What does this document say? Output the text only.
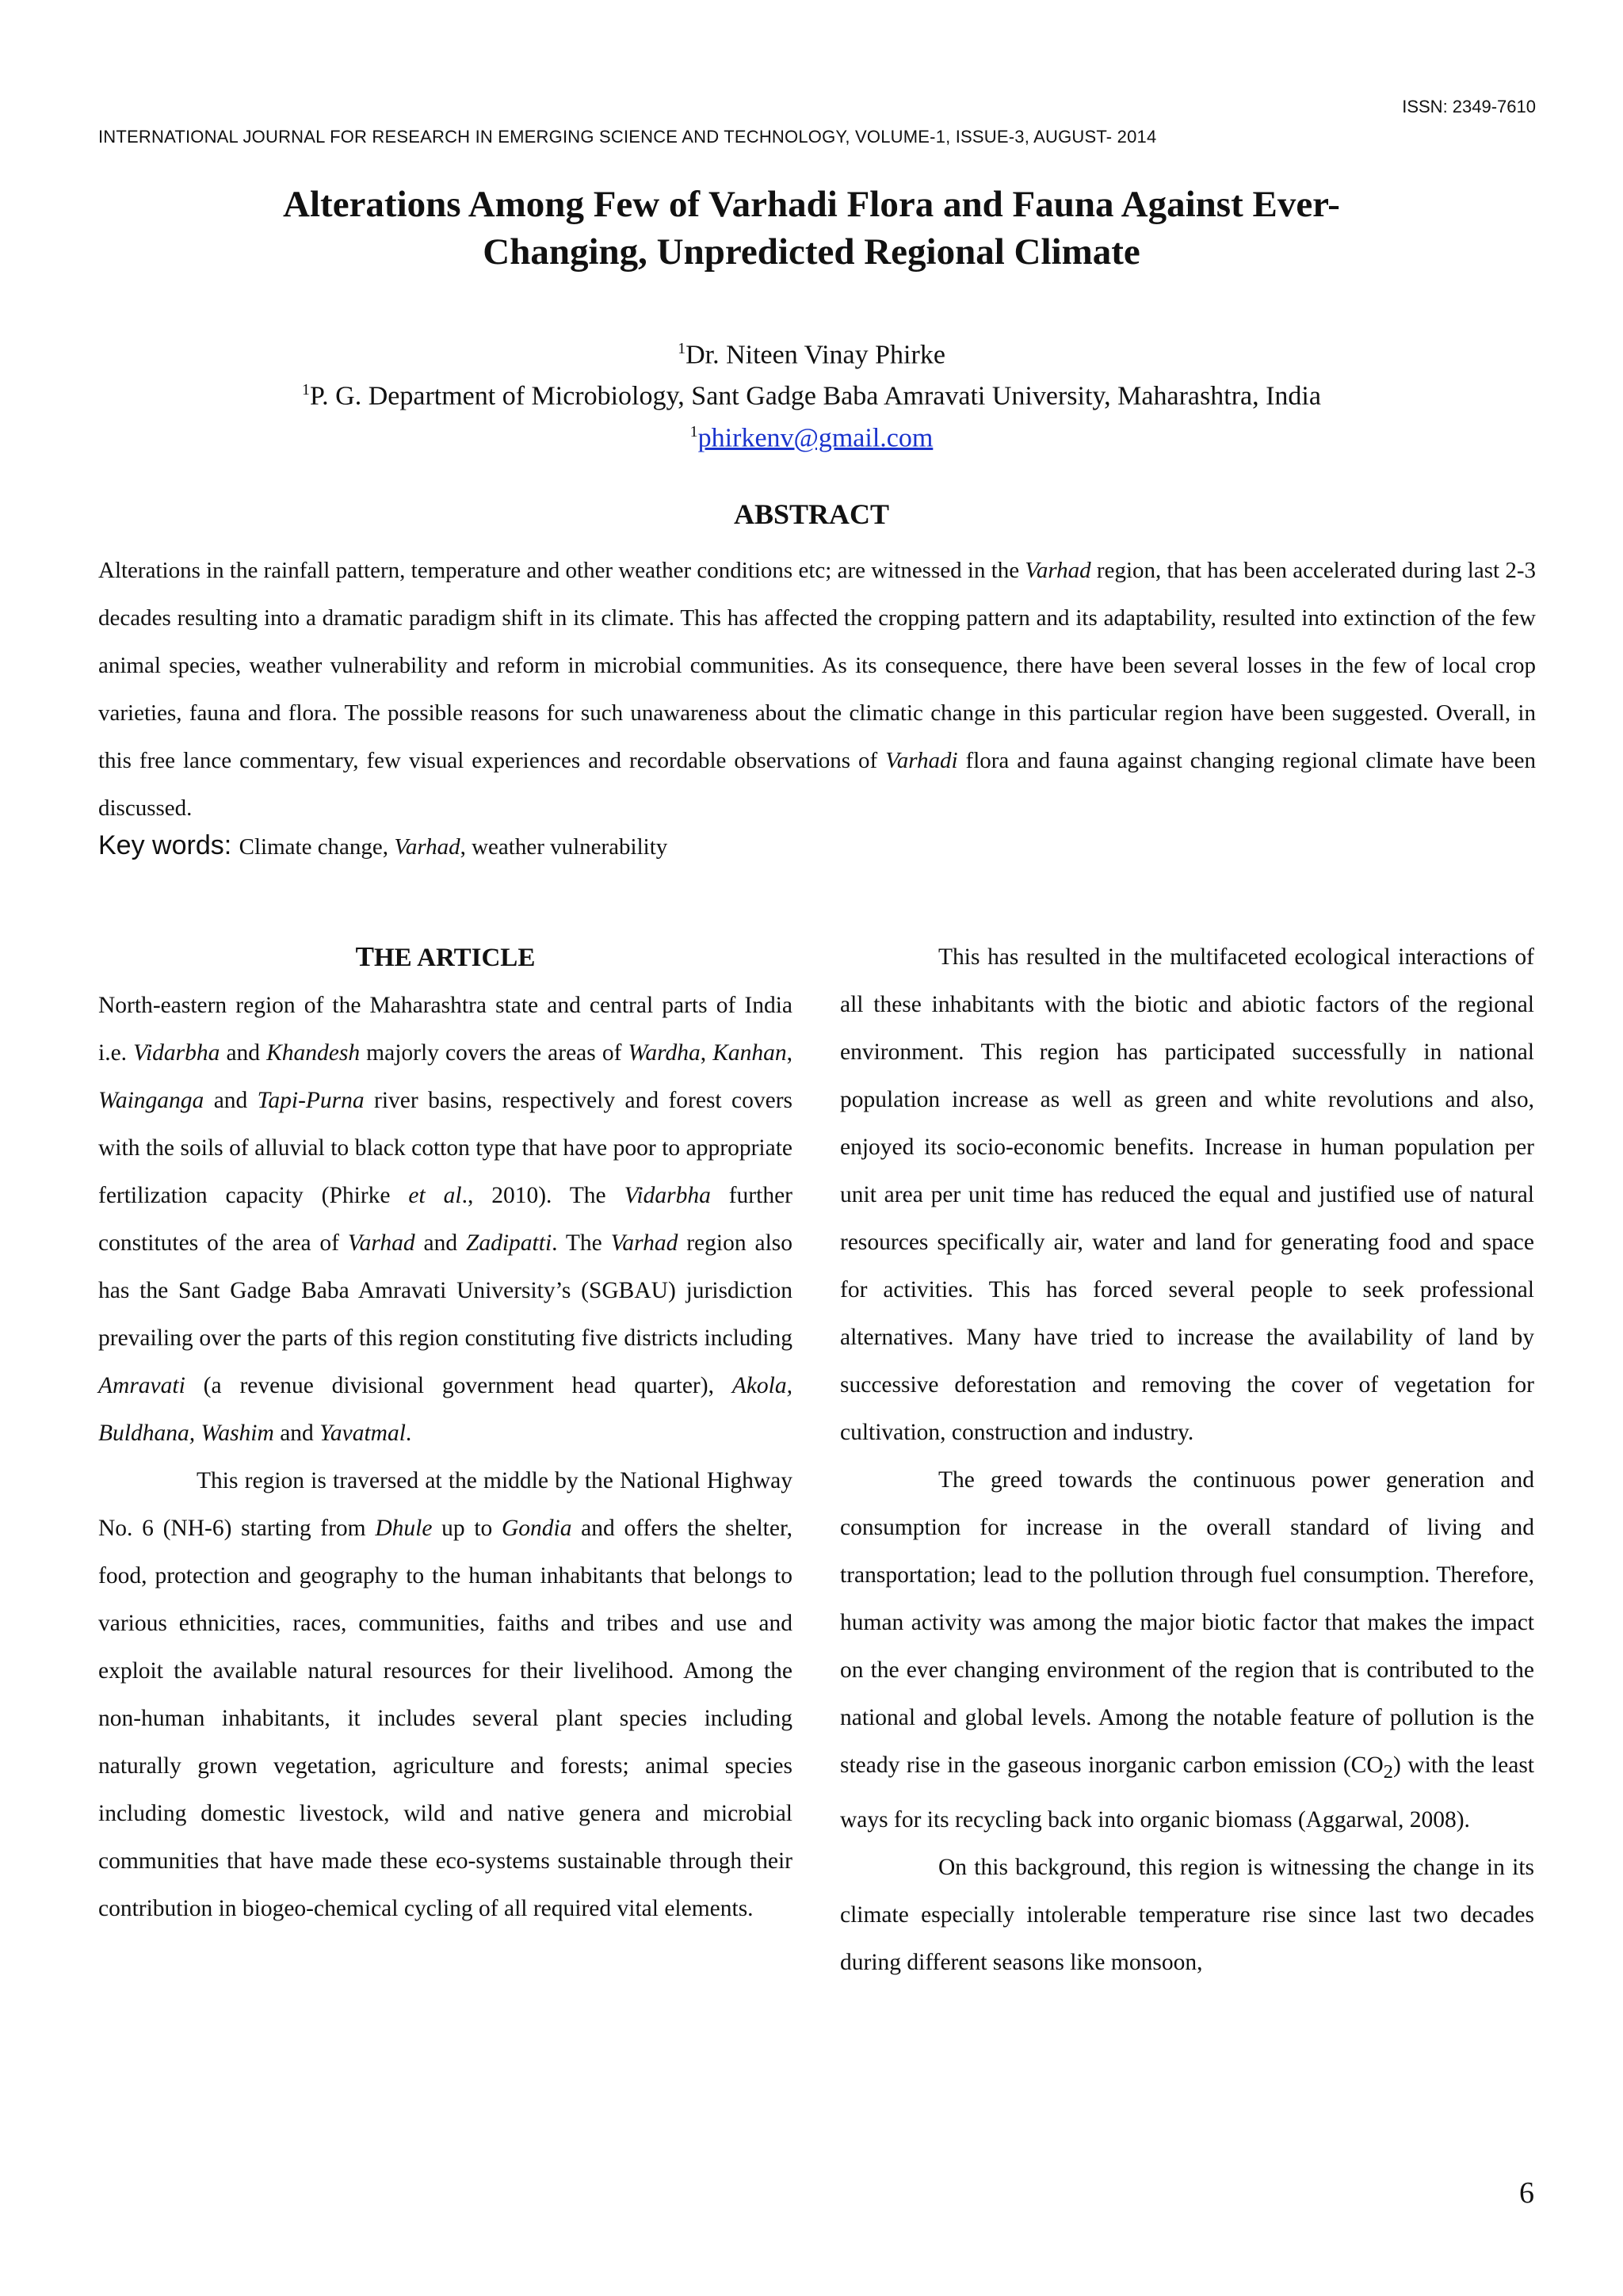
ISSN: 2349-7610
INTERNATIONAL JOURNAL FOR RESEARCH IN EMERGING SCIENCE AND TECHNOLOGY, VOLUME-1, ISSUE-3, AUGUST- 2014
Alterations Among Few of Varhadi Flora and Fauna Against Ever-
Changing, Unpredicted Regional Climate
$^1$Dr. Niteen Vinay Phirke
$^1$P. G. Department of Microbiology, Sant Gadge Baba Amravati University, Maharashtra, India
$^1$phirkenv@gmail.com
ABSTRACT
Alterations in the rainfall pattern, temperature and other weather conditions etc; are witnessed in the Varhad region, that has been accelerated during last 2-3 decades resulting into a dramatic paradigm shift in its climate. This has affected the cropping pattern and its adaptability, resulted into extinction of the few animal species, weather vulnerability and reform in microbial communities. As its consequence, there have been several losses in the few of local crop varieties, fauna and flora. The possible reasons for such unawareness about the climatic change in this particular region have been suggested. Overall, in this free lance commentary, few visual experiences and recordable observations of Varhadi flora and fauna against changing regional climate have been discussed.
Key words: Climate change, Varhad, weather vulnerability

THE ARTICLE

North-eastern region of the Maharashtra state and central parts of India i.e. Vidarbha and Khandesh majorly covers the areas of Wardha, Kanhan, Wainganga and Tapi-Purna river basins, respectively and forest covers with the soils of alluvial to black cotton type that have poor to appropriate fertilization capacity (Phirke et al., 2010). The Vidarbha further constitutes of the area of Varhad and Zadipatti. The Varhad region also has the Sant Gadge Baba Amravati University’s (SGBAU) jurisdiction prevailing over the parts of this region constituting five districts including Amravati (a revenue divisional government head quarter), Akola, Buldhana, Washim and Yavatmal.

This region is traversed at the middle by the National Highway No. 6 (NH-6) starting from Dhule up to Gondia and offers the shelter, food, protection and geography to the human inhabitants that belongs to various ethnicities, races, communities, faiths and tribes and use and exploit the available natural resources for their livelihood. Among the non-human inhabitants, it includes several plant species including naturally grown vegetation, agriculture and forests; animal species including domestic livestock, wild and native genera and microbial communities that have made these eco-systems sustainable through their contribution in biogeo-chemical cycling of all required vital elements.

This has resulted in the multifaceted ecological interactions of all these inhabitants with the biotic and abiotic factors of the regional environment. This region has participated successfully in national population increase as well as green and white revolutions and also, enjoyed its socio-economic benefits. Increase in human population per unit area per unit time has reduced the equal and justified use of natural resources specifically air, water and land for generating food and space for activities. This has forced several people to seek professional alternatives. Many have tried to increase the availability of land by successive deforestation and removing the cover of vegetation for cultivation, construction and industry.

The greed towards the continuous power generation and consumption for increase in the overall standard of living and transportation; lead to the pollution through fuel consumption. Therefore, human activity was among the major biotic factor that makes the impact on the ever changing environment of the region that is contributed to the national and global levels. Among the notable feature of pollution is the steady rise in the gaseous inorganic carbon emission $(CO_2)$ with the least ways for its recycling back into organic biomass (Aggarwal, 2008).

On this background, this region is witnessing the change in its climate especially intolerable temperature rise since last two decades during different seasons like monsoon,

6
